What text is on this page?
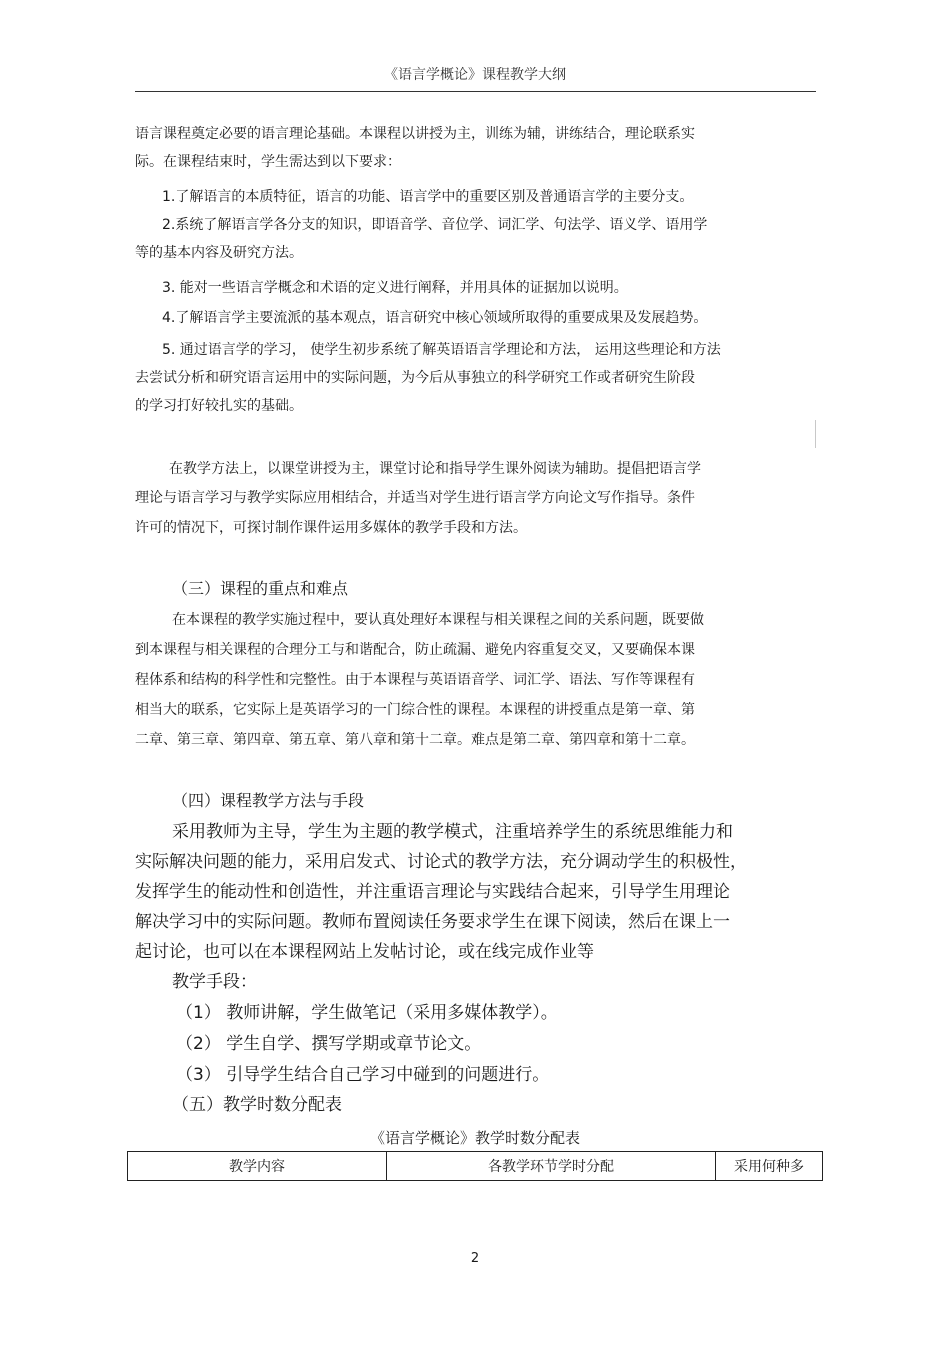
《语言学概论》课程教学大纲
语言课程奠定必要的语言理论基础。本课程以讲授为主，训练为辅，讲练结合，理论联系实
际。在课程结束时，学生需达到以下要求：
1.了解语言的本质特征，语言的功能、语言学中的重要区别及普通语言学的主要分支。
2.系统了解语言学各分支的知识，即语音学、音位学、词汇学、句法学、语义学、语用学
等的基本内容及研究方法。
3. 能对一些语言学概念和术语的定义进行阐释，并用具体的证据加以说明。
4.了解语言学主要流派的基本观点，语言研究中核心领域所取得的重要成果及发展趋势。
5. 通过语言学的学习， 使学生初步系统了解英语语言学理论和方法， 运用这些理论和方法
去尝试分析和研究语言运用中的实际问题，为今后从事独立的科学研究工作或者研究生阶段
的学习打好较扎实的基础。
在教学方法上，以课堂讲授为主，课堂讨论和指导学生课外阅读为辅助。提倡把语言学
理论与语言学习与教学实际应用相结合，并适当对学生进行语言学方向论文写作指导。条件
许可的情况下，可探讨制作课件运用多媒体的教学手段和方法。
（三）课程的重点和难点
在本课程的教学实施过程中，要认真处理好本课程与相关课程之间的关系问题，既要做
到本课程与相关课程的合理分工与和谐配合，防止疏漏、避免内容重复交叉，又要确保本课
程体系和结构的科学性和完整性。由于本课程与英语语音学、词汇学、语法、写作等课程有
相当大的联系，它实际上是英语学习的一门综合性的课程。本课程的讲授重点是第一章、第
二章、第三章、第四章、第五章、第八章和第十二章。难点是第二章、第四章和第十二章。
（四）课程教学方法与手段
采用教师为主导，学生为主题的教学模式，注重培养学生的系统思维能力和
实际解决问题的能力，采用启发式、讨论式的教学方法，充分调动学生的积极性，
发挥学生的能动性和创造性，并注重语言理论与实践结合起来，引导学生用理论
解决学习中的实际问题。教师布置阅读任务要求学生在课下阅读，然后在课上一
起讨论，也可以在本课程网站上发帖讨论，或在线完成作业等
教学手段：
（1） 教师讲解，学生做笔记（采用多媒体教学）。
（2） 学生自学、撰写学期或章节论文。
（3） 引导学生结合自己学习中碰到的问题进行。
（五）教学时数分配表
《语言学概论》教学时数分配表
教学内容	各教学环节学时分配	采用何种多
2
